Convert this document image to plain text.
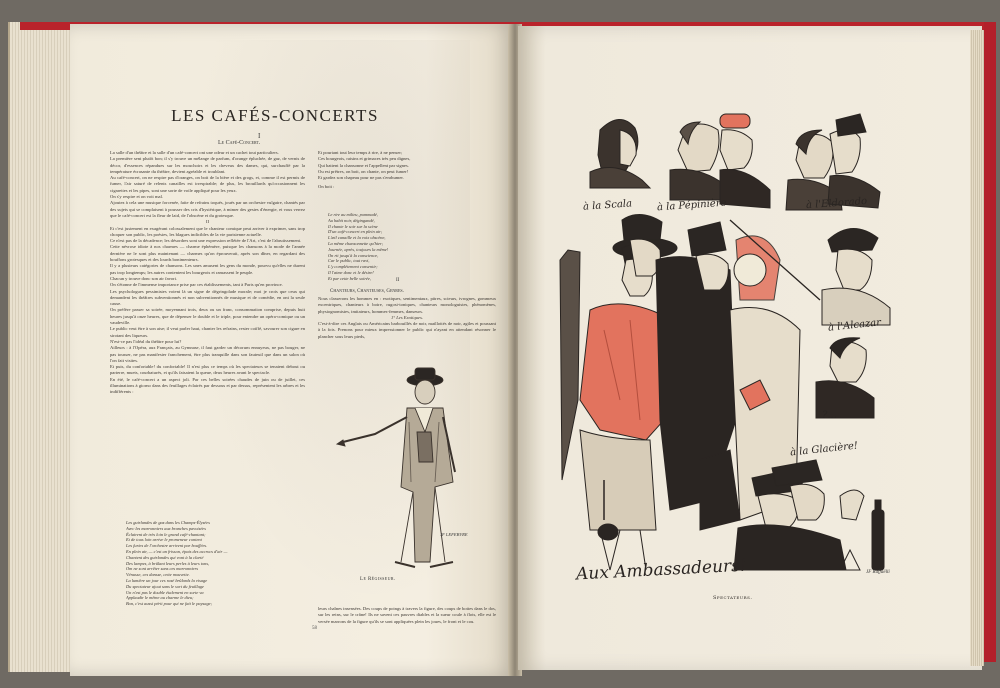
LES CAFÉS-CONCERTS
I
Le Café-Concert.

La salle d'un théâtre et la salle d'un café-concert ont une odeur et un cachet tout particuliers.

La première sent plutôt bon; il s'y trouve un mélange de parfum, d'orange épluchée, de gaz, de vernis de décor, d'essences répandues sur les mouchoirs et les cheveux des dames, qui, surchauffé par la température écrasante du théâtre, devient agréable et troublant.

Au café-concert, on ne respire pas d'oranges, on boit de la bière et des grogs, et, comme il est permis de fumer, l'air saturé de relents canailles est irrespirable; de plus, les brouillards qu'occasionnent les cigarettes et les pipes, sont une sorte de voile appliqué pour les yeux.

On s'y respire et on voit mal.

Ajoutez à cela une musique forcenée, faite de refrains toqués, joués par un orchestre vulgaire, chantés par des sujets qui se complaisent à pousser des cris d'hystérique, à mimer des gestes d'énergie, et vous verrez que le café-concert est la fleur de laid, de l'obscène et du grotesque.

II

Et c'est justement en exagérant colossalement que le chanteur comique peut arriver à exprimer, sans trop choquer son public, les poésies, les blagues indicibles de la vie parisienne actuelle.

Ce n'est pas de la décadence; les désordres sont une expression reflétée de l'Art, c'est de l'abrutissement.

Cette névrose idiote à nos charmes — charme éphémère, puisque les chansons à la mode de l'année dernière ne le sont plus maintenant — charmes qu'on éprouverait, après son dîner, en regardant des bouffons grotesques et des lourds bonimenteurs.

Il y a plusieurs catégories de chansons. Les unes amusent les gens du monde, pourvu qu'elles ne durent pas trop longtemps; les autres contentent les bourgeois et ramassent le peuple.

Chacun y trouve donc son air favori.

On s'étonne de l'immense importance prise par ces établissements, tant à Paris qu'en province.

Les psychologues pessimistes voient là un signe de dégringolade morale; moi je crois que ceux qui demandent les théâtres subventionnés et non subventionnés de musique et de comédie, en ont la seule cause.

On préfère passer sa soirée, moyennant trois, deux ou un franc, consommation comprise, depuis huit heures jusqu'à onze heures, que de dépenser le double et le triple, pour entendre un opéra-comique ou un vaudeville.

Le public veut être à son aise; il veut parler haut, chanter les refrains, rester coiffé, savourer son cigare en sirotant des liqueurs.

N'est-ce pas l'idéal du théâtre pour lui?

Ailleurs : à l'Opéra, aux Français, au Gymnase, il faut garder un décorum ennuyeux, ne pas bouger, ne pas tousser, ne pas manifester franchement, être plus tranquille dans son fauteuil que dans un salon où l'on fait visites.

Et puis, du confortable! du confortable! Il n'est plus ce temps où les spectateurs se tenaient debout ou parterre, muets, courbaturés, et qu'ils faisaient la queue, deux heures avant le spectacle.

En été, le café-concert a un aspect joli. Par ces belles soirées chaudes de juin ou de juillet, ces illuminations à giorno dans des feuillages éclairés par dessous et par dessus, représentent les arbres et les indifférents :

Les guirlandes de gaz dans les Champs-Élysées
Avec les marronniers aux branches pavoisées
Éclairent de très loin le grand café-chantant;
Et de tous loin arrive le promeneur content
Les furies de l'orchestre arrivent par bouffées.
En plein air, — c'est un frisson, épais des accrocs d'air —
Chantent des guirlandes qui vont à la clarté
Des lampes, à brûlant leurs perles à leurs tons,
Om ne sont arrêter sans ces marronniers
Vénusse, ces dansse, cette mouvette.
La lumière un jour ces rasé brûlards la visage
Du spectateur ajout sans le sort du feuillage
Un n'est pas le double étalement en sorte va
Applaudir le même au charme le dieu;
Bon, c'est aussi périt pour qui ne fait le paysage;

Et pourtant tout leur temps à rire, à ne penser;

Ces bourgeois, raisins et grimaces très peu dignes,

Qui battent la chansonne et l'appellent par signes.

Ou est prêtres, on boit, on chante, on peut fumer!

Et gardez son chapeau pour ne pas s'enrhumer.

On boit :

Le rire au milieu, pommadé,
Au habit noir, dégingandé,
Il chante le soir sur la scène
D'un café-concert en plein air;
L'œil canaille et la voix obscène,
La même chansonnette qu'hier;
Journée, après, toujours la même!
On rit jusqu'à la conscience,
Car le public, tout ravi,
L'y complètement consentir;
Il l'aime donc et le désire!
Et par cette belle soirée,	II
Chanteurs, Chanteuses, Genres.

Nous classerons les hommes en : exotiques, sentimentaux, pitres, scieurs, ivrognes, gommeux excentriques, chanteurs à boire, rugosi-toniques, chanteurs monologuistes, phénomènes, physiognomistes, imitateurs, hommes-femmes, danseurs.

1° Les Exotiques.

C'est-à-dire ces Anglais ou Américains barbouillés de noir, maillottés de noir, agiles et poussant à la fois. Prenons pour mieux impressionner le public qui n'ayant en attendant résonner le plancher sous leurs pieds,

JF LEFEBVRE
Le Régisseur.

leurs chaînes insensées. Des coups de poings à travers la figure, des coups de bottes dans le dos, sur les reins, sur le crâne! Ils ne savent ces pauvres diables et la sueur coule à flots, elle est le versée marrons de la figure qu'ils se sont appliquées plein les joues, le front et le cou.

58
à la Scala à la Pépinière	à l'Eldorado
à l'Alcazar
?...
à la Glacière!
Aux Ambassadeurs!	JF Raffaëlli
Spectateurs.
